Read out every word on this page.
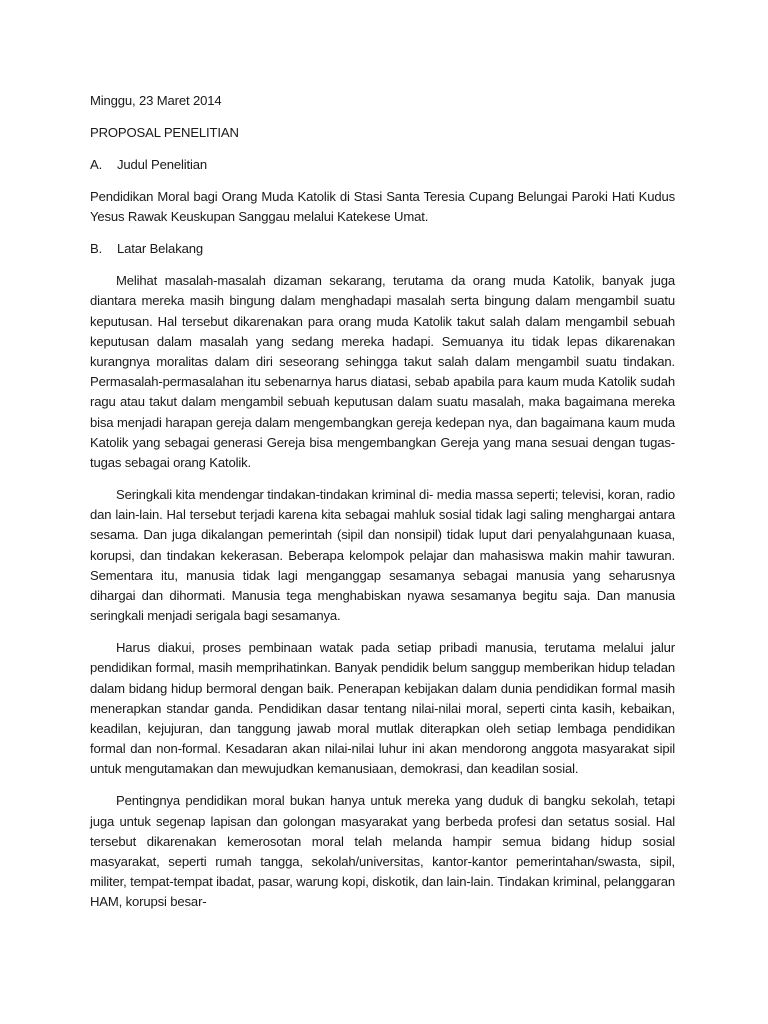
Minggu, 23 Maret 2014
PROPOSAL PENELITIAN
A. Judul Penelitian
Pendidikan Moral bagi Orang Muda Katolik di Stasi Santa Teresia Cupang Belungai Paroki Hati Kudus Yesus Rawak Keuskupan Sanggau melalui Katekese Umat.
B. Latar Belakang

Melihat masalah-masalah dizaman sekarang, terutama da orang muda Katolik, banyak juga diantara mereka masih bingung dalam menghadapi masalah serta bingung dalam mengambil suatu keputusan. Hal tersebut dikarenakan para orang muda Katolik takut salah dalam mengambil sebuah keputusan dalam masalah yang sedang mereka hadapi. Semuanya itu tidak lepas dikarenakan kurangnya moralitas dalam diri seseorang sehingga takut salah dalam mengambil suatu tindakan. Permasalah-permasalahan itu sebenarnya harus diatasi, sebab apabila para kaum muda Katolik sudah ragu atau takut dalam mengambil sebuah keputusan dalam suatu masalah, maka bagaimana mereka bisa menjadi harapan gereja dalam mengembangkan gereja kedepan nya, dan bagaimana kaum muda Katolik yang sebagai generasi Gereja bisa mengembangkan Gereja yang mana sesuai dengan tugas-tugas sebagai orang Katolik.

Seringkali kita mendengar tindakan-tindakan kriminal di- media massa seperti; televisi, koran, radio dan lain-lain. Hal tersebut terjadi karena kita sebagai mahluk sosial tidak lagi saling menghargai antara sesama. Dan juga dikalangan pemerintah (sipil dan nonsipil) tidak luput dari penyalahgunaan kuasa, korupsi, dan tindakan kekerasan. Beberapa kelompok pelajar dan mahasiswa makin mahir tawuran. Sementara itu, manusia tidak lagi menganggap sesamanya sebagai manusia yang seharusnya dihargai dan dihormati. Manusia tega menghabiskan nyawa sesamanya begitu saja. Dan manusia seringkali menjadi serigala bagi sesamanya.

Harus diakui, proses pembinaan watak pada setiap pribadi manusia, terutama melalui jalur pendidikan formal, masih memprihatinkan. Banyak pendidik belum sanggup memberikan hidup teladan dalam bidang hidup bermoral dengan baik. Penerapan kebijakan dalam dunia pendidikan formal masih menerapkan standar ganda. Pendidikan dasar tentang nilai-nilai moral, seperti cinta kasih, kebaikan, keadilan, kejujuran, dan tanggung jawab moral mutlak diterapkan oleh setiap lembaga pendidikan formal dan non-formal. Kesadaran akan nilai-nilai luhur ini akan mendorong anggota masyarakat sipil untuk mengutamakan dan mewujudkan kemanusiaan, demokrasi, dan keadilan sosial.

Pentingnya pendidikan moral bukan hanya untuk mereka yang duduk di bangku sekolah, tetapi juga untuk segenap lapisan dan golongan masyarakat yang berbeda profesi dan setatus sosial. Hal tersebut dikarenakan kemerosotan moral telah melanda hampir semua bidang hidup sosial masyarakat, seperti rumah tangga, sekolah/universitas, kantor-kantor pemerintahan/swasta, sipil, militer, tempat-tempat ibadat, pasar, warung kopi, diskotik, dan lain-lain. Tindakan kriminal, pelanggaran HAM, korupsi besar-
